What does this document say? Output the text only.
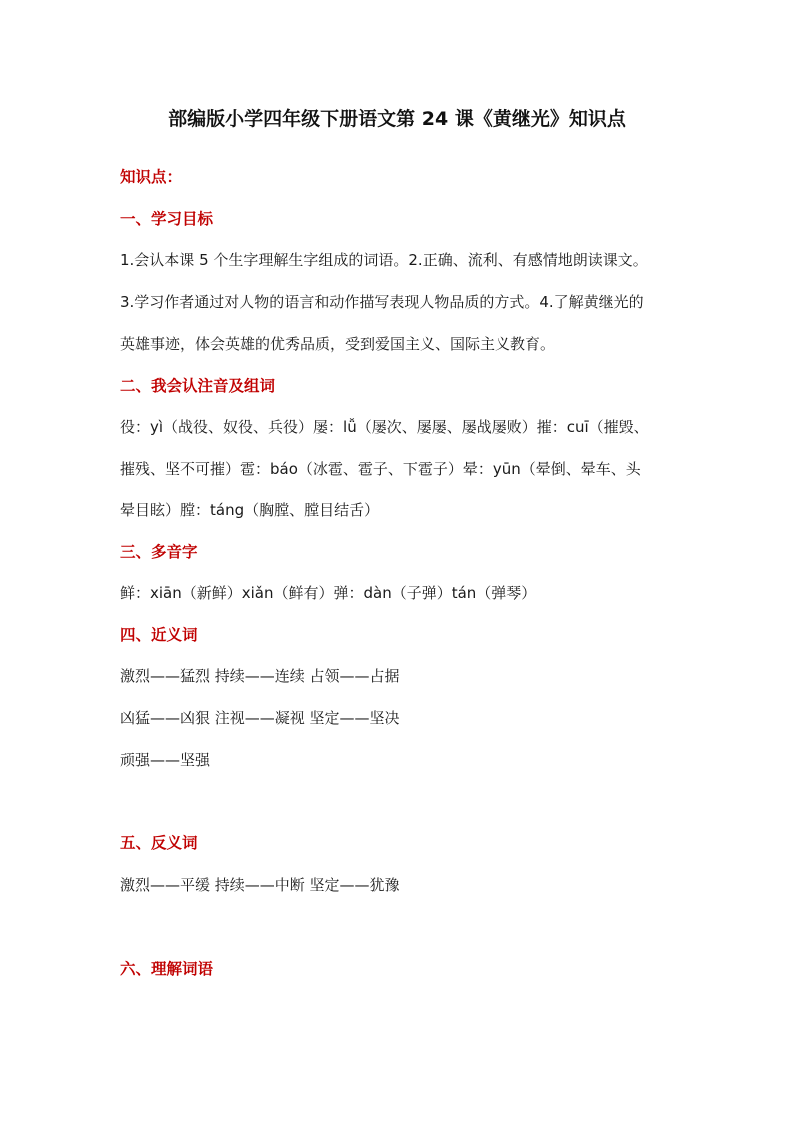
部编版小学四年级下册语文第 24 课《黄继光》知识点
知识点：
一、学习目标
1.会认本课 5 个生字理解生字组成的词语。2.正确、流利、有感情地朗读课文。
3.学习作者通过对人物的语言和动作描写表现人物品质的方式。4.了解黄继光的
英雄事迹，体会英雄的优秀品质，受到爱国主义、国际主义教育。
二、我会认注音及组词
役：yì（战役、奴役、兵役）屡：lǚ（屡次、屡屡、屡战屡败）摧：cuī（摧毁、
摧残、坚不可摧）雹：báo（冰雹、雹子、下雹子）晕：yūn（晕倒、晕车、头
晕目眩）膛：táng（胸膛、膛目结舌）
三、多音字
鲜：xiān（新鲜）xiǎn（鲜有）弹：dàn（子弹）tán（弹琴）
四、近义词
激烈——猛烈 持续——连续 占领——占据
凶猛——凶狠 注视——凝视 坚定——坚决
顽强——坚强
五、反义词
激烈——平缓 持续——中断 坚定——犹豫
六、理解词语
